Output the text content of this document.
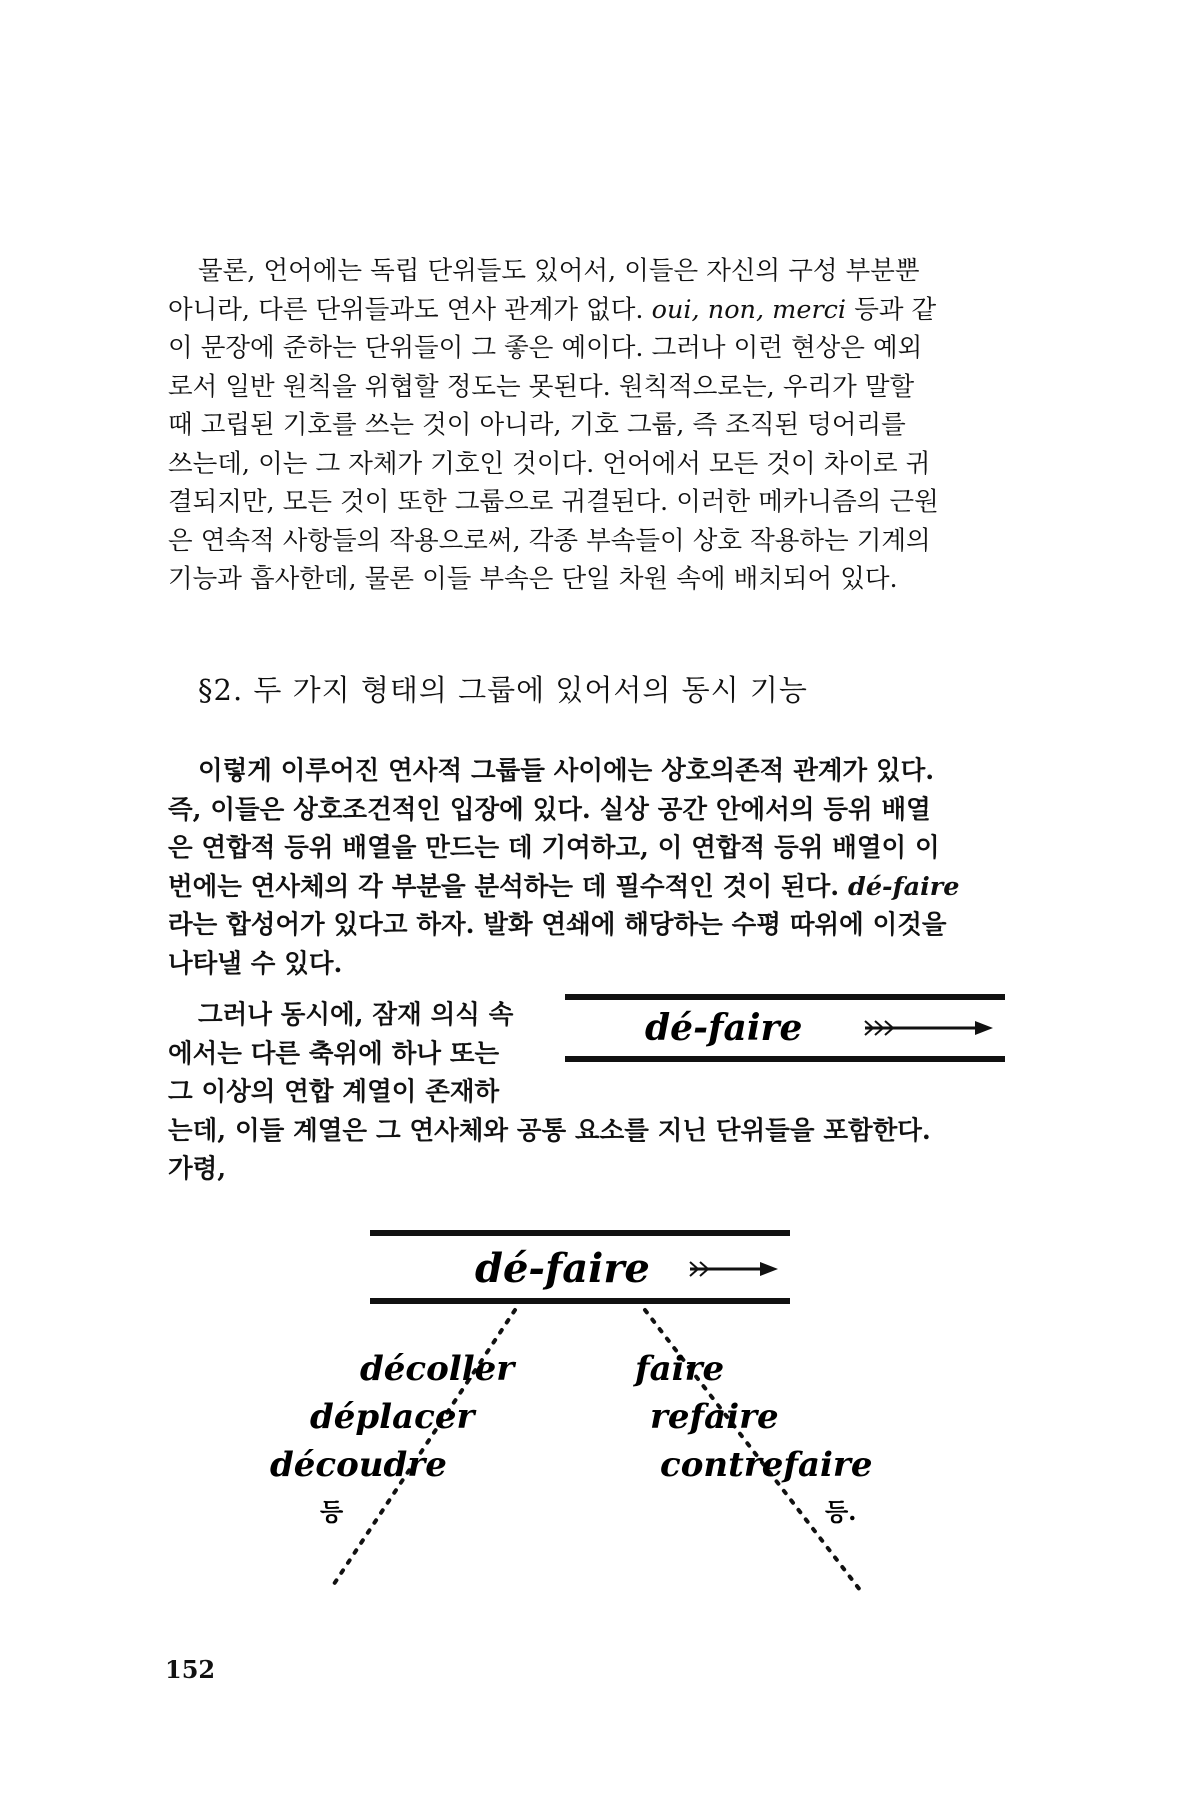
물론, 언어에는 독립 단위들도 있어서, 이들은 자신의 구성 부분뿐
아니라, 다른 단위들과도 연사 관계가 없다. oui, non, merci 등과 같
이 문장에 준하는 단위들이 그 좋은 예이다. 그러나 이런 현상은 예외
로서 일반 원칙을 위협할 정도는 못된다. 원칙적으로는, 우리가 말할
때 고립된 기호를 쓰는 것이 아니라, 기호 그룹, 즉 조직된 덩어리를
쓰는데, 이는 그 자체가 기호인 것이다. 언어에서 모든 것이 차이로 귀
결되지만, 모든 것이 또한 그룹으로 귀결된다. 이러한 메카니즘의 근원
은 연속적 사항들의 작용으로써, 각종 부속들이 상호 작용하는 기계의
기능과 흡사한데, 물론 이들 부속은 단일 차원 속에 배치되어 있다.
§2. 두 가지 형태의 그룹에 있어서의 동시 기능
이렇게 이루어진 연사적 그룹들 사이에는 상호의존적 관계가 있다.
즉, 이들은 상호조건적인 입장에 있다. 실상 공간 안에서의 등위 배열
은 연합적 등위 배열을 만드는 데 기여하고, 이 연합적 등위 배열이 이
번에는 연사체의 각 부분을 분석하는 데 필수적인 것이 된다. dé-faire
라는 합성어가 있다고 하자. 발화 연쇄에 해당하는 수평 따위에 이것을
나타낼 수 있다.
그러나 동시에, 잠재 의식 속
에서는 다른 축위에 하나 또는
그 이상의 연합 계열이 존재하
는데, 이들 계열은 그 연사체와 공통 요소를 지닌 단위들을 포함한다.
가령,
dé-faire
dé-faire
décoller
déplacer
découdre
등
faire
refaire
contrefaire
등.
152
